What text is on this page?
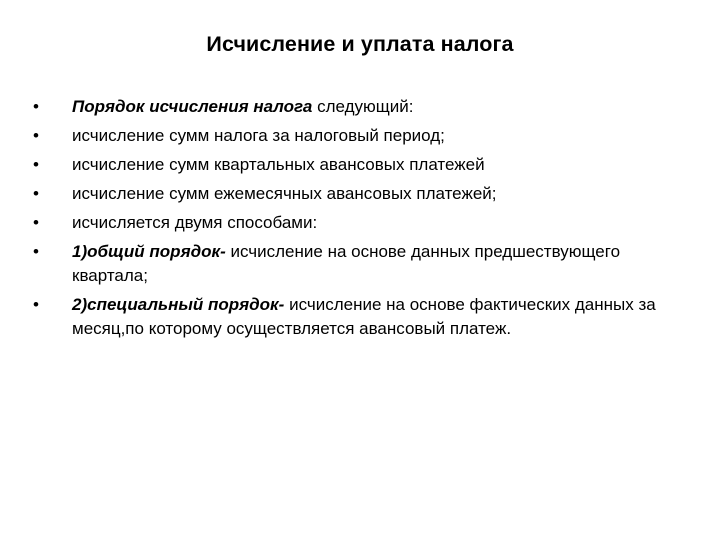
Исчисление и уплата налога
• Порядок исчисления налога следующий:
• исчисление сумм налога за налоговый период;
• исчисление сумм квартальных авансовых платежей
• исчисление сумм ежемесячных авансовых платежей;
• исчисляется двумя способами:
• 1)общий порядок- исчисление на основе данных предшествующего квартала;
• 2)специальный порядок- исчисление на основе фактических данных за месяц,по которому осуществляется авансовый платеж.
